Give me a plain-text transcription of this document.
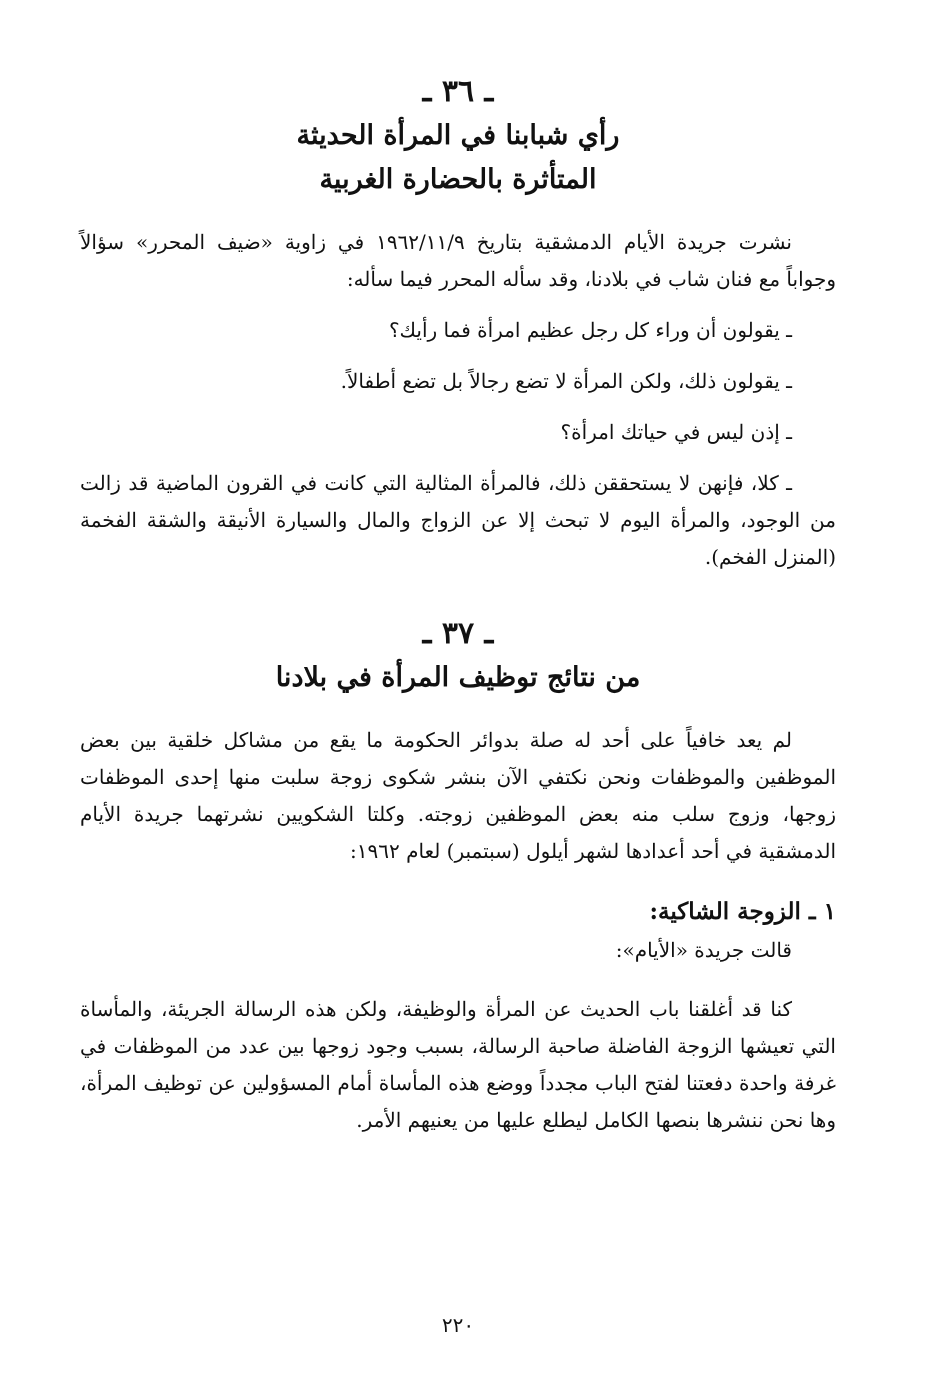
ـ ٣٦ ـ

رأي شبابنا في المرأة الحديثة

المتأثرة بالحضارة الغربية

نشرت جريدة الأيام الدمشقية بتاريخ ١٩٦٢/١١/٩ في زاوية «ضيف المحرر» سؤالاً وجواباً مع فنان شاب في بلادنا، وقد سأله المحرر فيما سأله:

ـ يقولون أن وراء كل رجل عظيم امرأة فما رأيك؟

ـ يقولون ذلك، ولكن المرأة لا تضع رجالاً بل تضع أطفالاً.

ـ إذن ليس في حياتك امرأة؟

ـ كلا، فإنهن لا يستحققن ذلك، فالمرأة المثالية التي كانت في القرون الماضية قد زالت من الوجود، والمرأة اليوم لا تبحث إلا عن الزواج والمال والسيارة الأنيقة والشقة الفخمة (المنزل الفخم).

ـ ٣٧ ـ

من نتائج توظيف المرأة في بلادنا

لم يعد خافياً على أحد له صلة بدوائر الحكومة ما يقع من مشاكل خلقية بين بعض الموظفين والموظفات ونحن نكتفي الآن بنشر شكوى زوجة سلبت منها إحدى الموظفات زوجها، وزوج سلب منه بعض الموظفين زوجته. وكلتا الشكويين نشرتهما جريدة الأيام الدمشقية في أحد أعدادها لشهر أيلول (سبتمبر) لعام ١٩٦٢:

١ ـ الزوجة الشاكية:

قالت جريدة «الأيام»:

كنا قد أغلقنا باب الحديث عن المرأة والوظيفة، ولكن هذه الرسالة الجريئة، والمأساة التي تعيشها الزوجة الفاضلة صاحبة الرسالة، بسبب وجود زوجها بين عدد من الموظفات في غرفة واحدة دفعتنا لفتح الباب مجدداً ووضع هذه المأساة أمام المسؤولين عن توظيف المرأة، وها نحن ننشرها بنصها الكامل ليطلع عليها من يعنيهم الأمر.

٢٢٠
